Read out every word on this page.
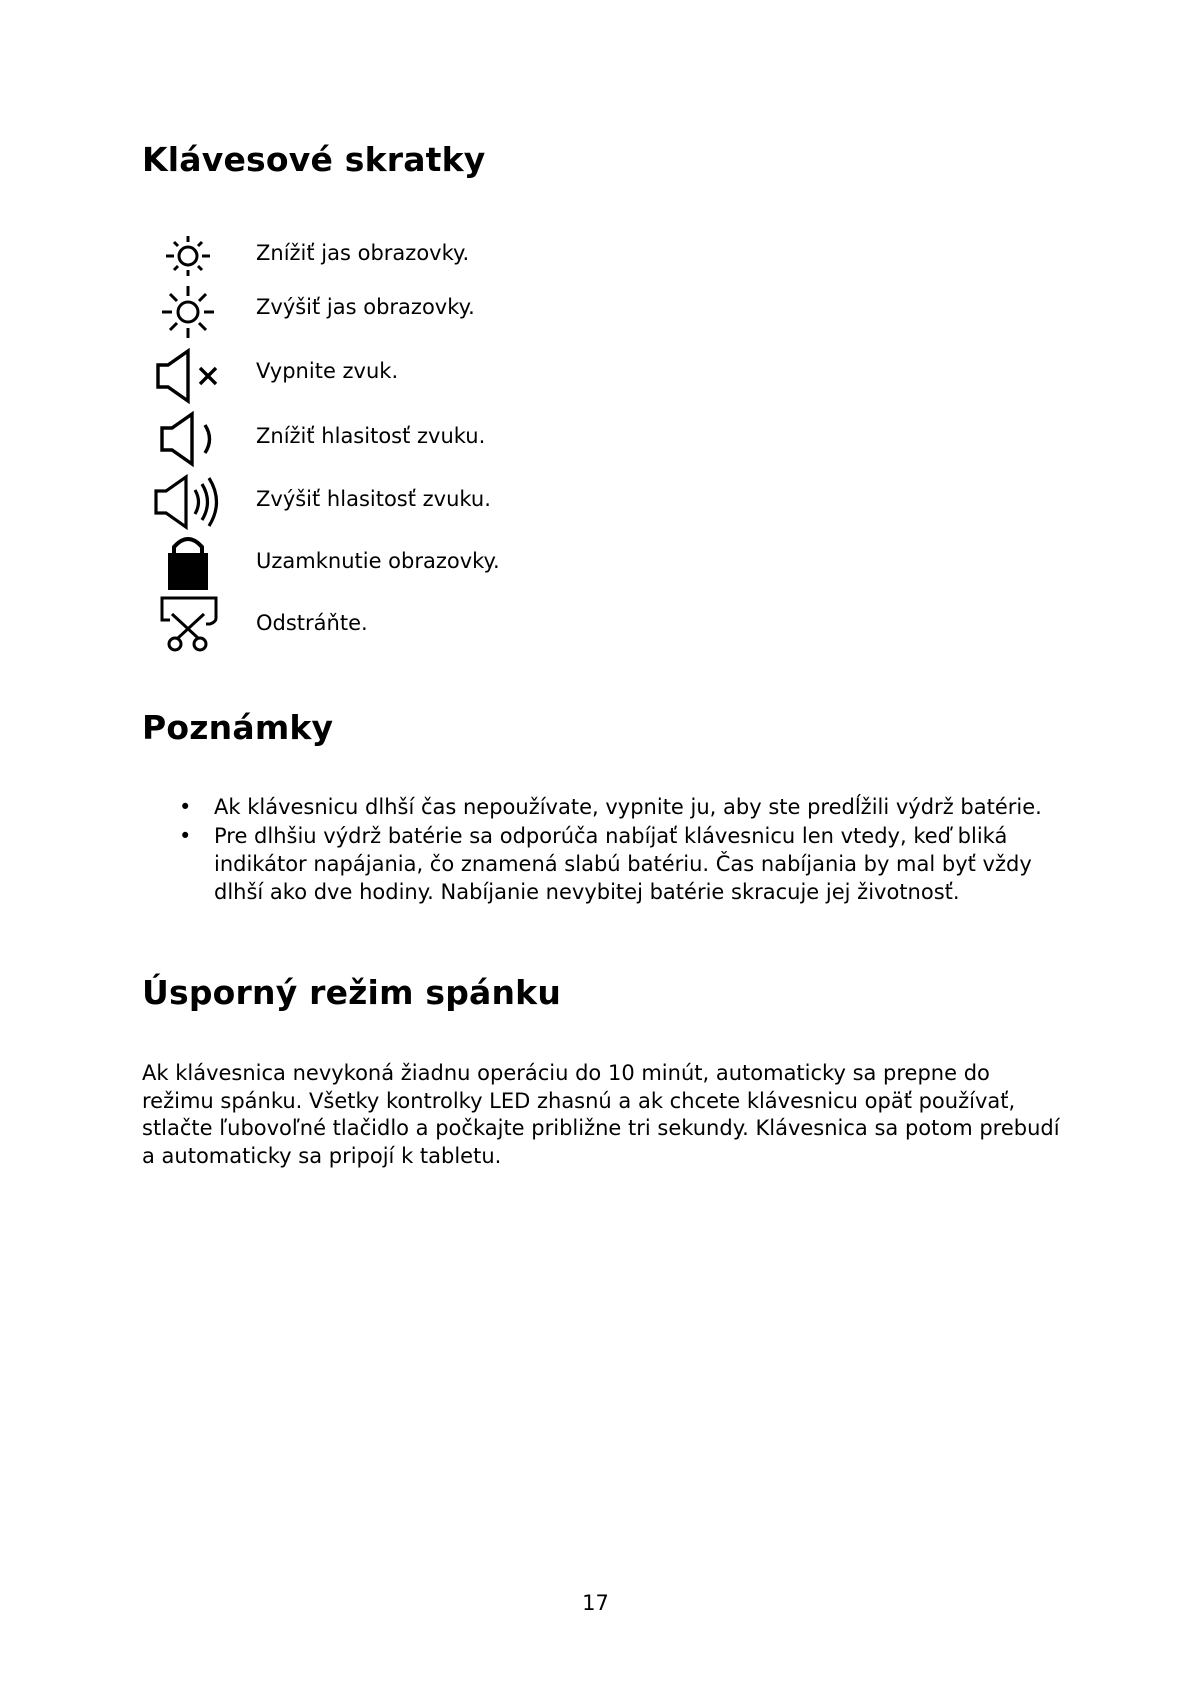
Klávesové skratky
Znížiť jas obrazovky.
Zvýšiť jas obrazovky.
Vypnite zvuk.
Znížiť hlasitosť zvuku.
Zvýšiť hlasitosť zvuku.
Uzamknutie obrazovky.
Odstráňte.
Poznámky
• Ak klávesnicu dlhší čas nepoužívate, vypnite ju, aby ste predĺžili výdrž batérie.
• Pre dlhšiu výdrž batérie sa odporúča nabíjať klávesnicu len vtedy, keď bliká indikátor napájania, čo znamená slabú batériu. Čas nabíjania by mal byť vždy dlhší ako dve hodiny. Nabíjanie nevybitej batérie skracuje jej životnosť.
Úsporný režim spánku

Ak klávesnica nevykoná žiadnu operáciu do 10 minút, automaticky sa prepne do režimu spánku. Všetky kontrolky LED zhasnú a ak chcete klávesnicu opäť používať, stlačte ľubovoľné tlačidlo a počkajte približne tri sekundy. Klávesnica sa potom prebudí a automaticky sa pripojí k tabletu.

17
